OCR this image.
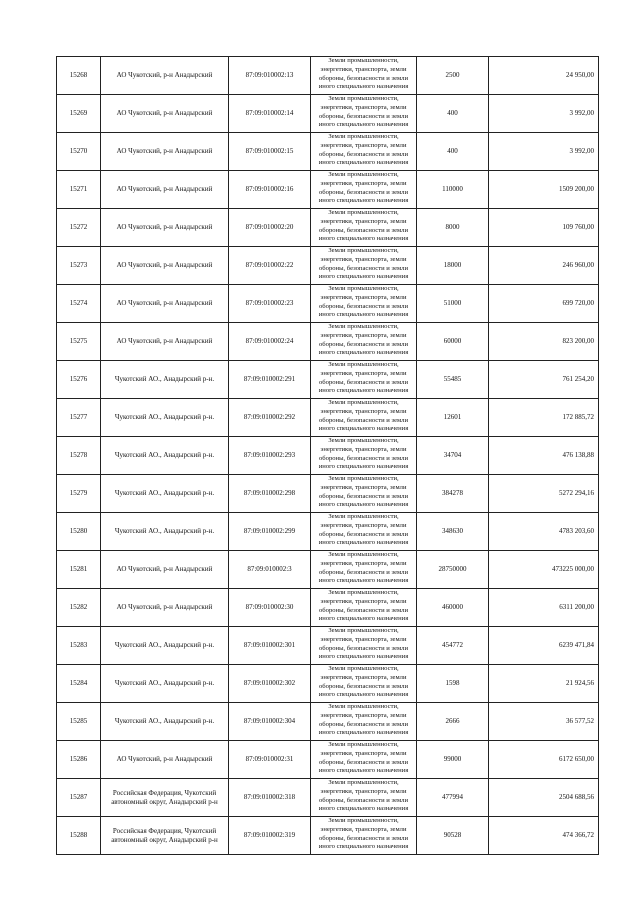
15268	АО Чукотский, р-н Анадырский	87:09:010002:13	Земли промышленности, энергетики, транспорта, земли обороны, безопасности и земли иного специального назначения	2500	24 950,00
15269	АО Чукотский, р-н Анадырский	87:09:010002:14	Земли промышленности, энергетики, транспорта, земли обороны, безопасности и земли иного специального назначения	400	3 992,00
15270	АО Чукотский, р-н Анадырский	87:09:010002:15	Земли промышленности, энергетики, транспорта, земли обороны, безопасности и земли иного специального назначения	400	3 992,00
15271	АО Чукотский, р-н Анадырский	87:09:010002:16	Земли промышленности, энергетики, транспорта, земли обороны, безопасности и земли иного специального назначения	110000	1509 200,00
15272	АО Чукотский, р-н Анадырский	87:09:010002:20	Земли промышленности, энергетики, транспорта, земли обороны, безопасности и земли иного специального назначения	8000	109 760,00
15273	АО Чукотский, р-н Анадырский	87:09:010002:22	Земли промышленности, энергетики, транспорта, земли обороны, безопасности и земли иного специального назначения	18000	246 960,00
15274	АО Чукотский, р-н Анадырский	87:09:010002:23	Земли промышленности, энергетики, транспорта, земли обороны, безопасности и земли иного специального назначения	51000	699 720,00
15275	АО Чукотский, р-н Анадырский	87:09:010002:24	Земли промышленности, энергетики, транспорта, земли обороны, безопасности и земли иного специального назначения	60000	823 200,00
15276	Чукотский АО., Анадырский р-н.	87:09:010002:291	Земли промышленности, энергетики, транспорта, земли обороны, безопасности и земли иного специального назначения	55485	761 254,20
15277	Чукотский АО., Анадырский р-н.	87:09:010002:292	Земли промышленности, энергетики, транспорта, земли обороны, безопасности и земли иного специального назначения	12601	172 885,72
15278	Чукотский АО., Анадырский р-н.	87:09:010002:293	Земли промышленности, энергетики, транспорта, земли обороны, безопасности и земли иного специального назначения	34704	476 138,88
15279	Чукотский АО., Анадырский р-н.	87:09:010002:298	Земли промышленности, энергетики, транспорта, земли обороны, безопасности и земли иного специального назначения	384278	5272 294,16
15280	Чукотский АО., Анадырский р-н.	87:09:010002:299	Земли промышленности, энергетики, транспорта, земли обороны, безопасности и земли иного специального назначения	348630	4783 203,60
15281	АО Чукотский, р-н Анадырский	87:09:010002:3	Земли промышленности, энергетики, транспорта, земли обороны, безопасности и земли иного специального назначения	28750000	473225 000,00
15282	АО Чукотский, р-н Анадырский	87:09:010002:30	Земли промышленности, энергетики, транспорта, земли обороны, безопасности и земли иного специального назначения	460000	6311 200,00
15283	Чукотский АО., Анадырский р-н.	87:09:010002:301	Земли промышленности, энергетики, транспорта, земли обороны, безопасности и земли иного специального назначения	454772	6239 471,84
15284	Чукотский АО., Анадырский р-н.	87:09:010002:302	Земли промышленности, энергетики, транспорта, земли обороны, безопасности и земли иного специального назначения	1598	21 924,56
15285	Чукотский АО., Анадырский р-н.	87:09:010002:304	Земли промышленности, энергетики, транспорта, земли обороны, безопасности и земли иного специального назначения	2666	36 577,52
15286	АО Чукотский, р-н Анадырский	87:09:010002:31	Земли промышленности, энергетики, транспорта, земли обороны, безопасности и земли иного специального назначения	99000	6172 650,00
15287	Российская Федерация, Чукотский автономный округ, Анадырский р-н	87:09:010002:318	Земли промышленности, энергетики, транспорта, земли обороны, безопасности и земли иного специального назначения	477994	2504 688,56
15288	Российская Федерация, Чукотский автономный округ, Анадырский р-н	87:09:010002:319	Земли промышленности, энергетики, транспорта, земли обороны, безопасности и земли иного специального назначения	90528	474 366,72
